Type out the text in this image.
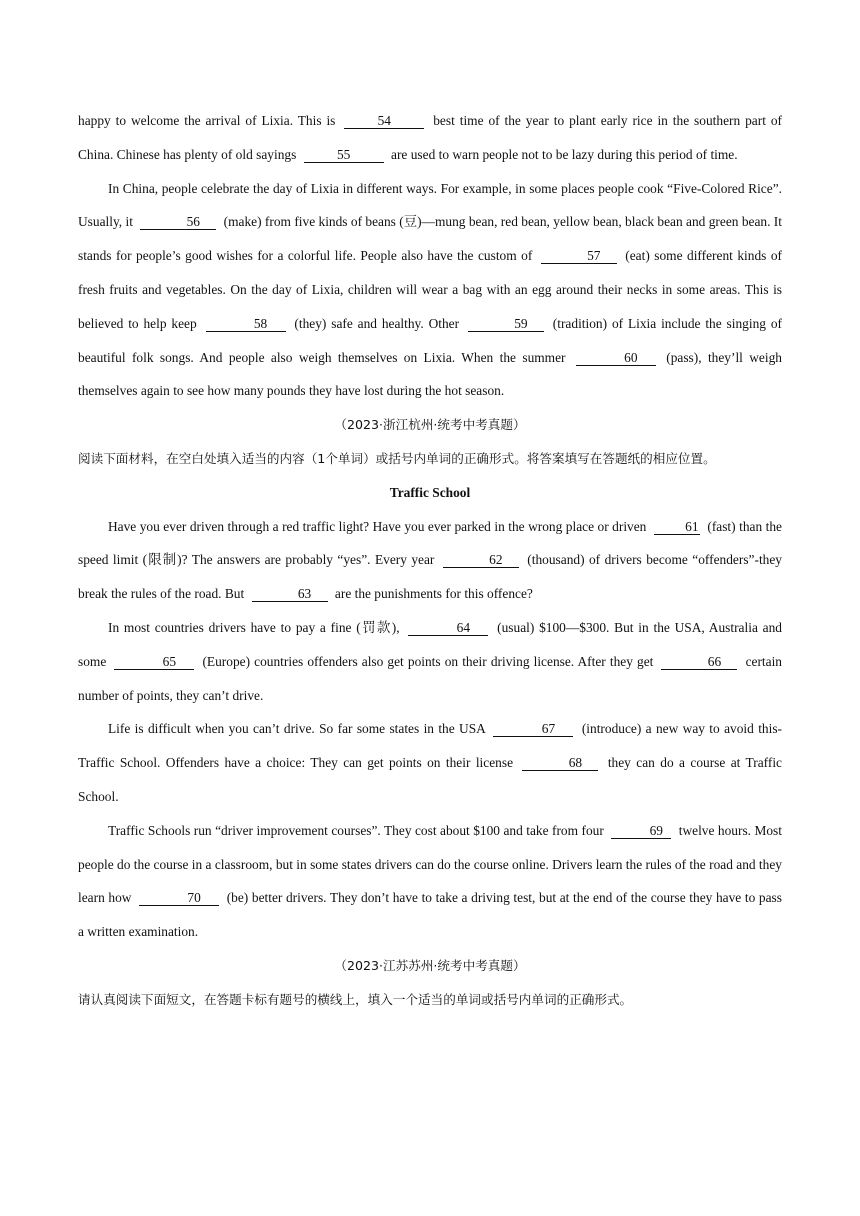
happy to welcome the arrival of Lixia. This is	54	best time of the year to plant early rice in the southern part of China. Chinese has plenty of old sayings	55	are used to warn people not to be lazy during this period of time.

In China, people celebrate the day of Lixia in different ways. For example, in some places people cook “Five-Colored Rice”. Usually, it	56 (make) from five kinds of beans (豆)—mung bean, red bean, yellow bean, black bean and green bean. It stands for people’s good wishes for a colorful life. People also have the custom of	57 (eat) some different kinds of fresh fruits and vegetables. On the day of Lixia, children will wear a bag with an egg around their necks in some areas. This is believed to help keep	58 (they) safe and healthy. Other	59 (tradition) of Lixia include the singing of beautiful folk songs. And people also weigh themselves on Lixia. When the summer	60 (pass), they’ll weigh themselves again to see how many pounds they have lost during the hot season.

（2023·浙江杭州·统考中考真题）

阅读下面材料，在空白处填入适当的内容（1个单词）或括号内单词的正确形式。将答案填写在答题纸的相应位置。

Traffic School

Have you ever driven through a red traffic light? Have you ever parked in the wrong place or driven	61 (fast) than the speed limit (限制)? The answers are probably “yes”. Every year	62 (thousand) of drivers become “offenders”-they break the rules of the road. But	63 are the punishments for this offence?

In most countries drivers have to pay a fine (罚款),	64 (usual) $100—$300. But in the USA, Australia and some	65 (Europe) countries offenders also get points on their driving license. After they get	66 certain number of points, they can’t drive.

Life is difficult when you can’t drive. So far some states in the USA	67 (introduce) a new way to avoid this-Traffic School. Offenders have a choice: They can get points on their license	68 they can do a course at Traffic School.

Traffic Schools run “driver improvement courses”. They cost about $100 and take from four	69 twelve hours. Most people do the course in a classroom, but in some states drivers can do the course online. Drivers learn the rules of the road and they learn how	70 (be) better drivers. They don’t have to take a driving test, but at the end of the course they have to pass a written examination.

（2023·江苏苏州·统考中考真题）

请认真阅读下面短文，在答题卡标有题号的横线上，填入一个适当的单词或括号内单词的正确形式。
